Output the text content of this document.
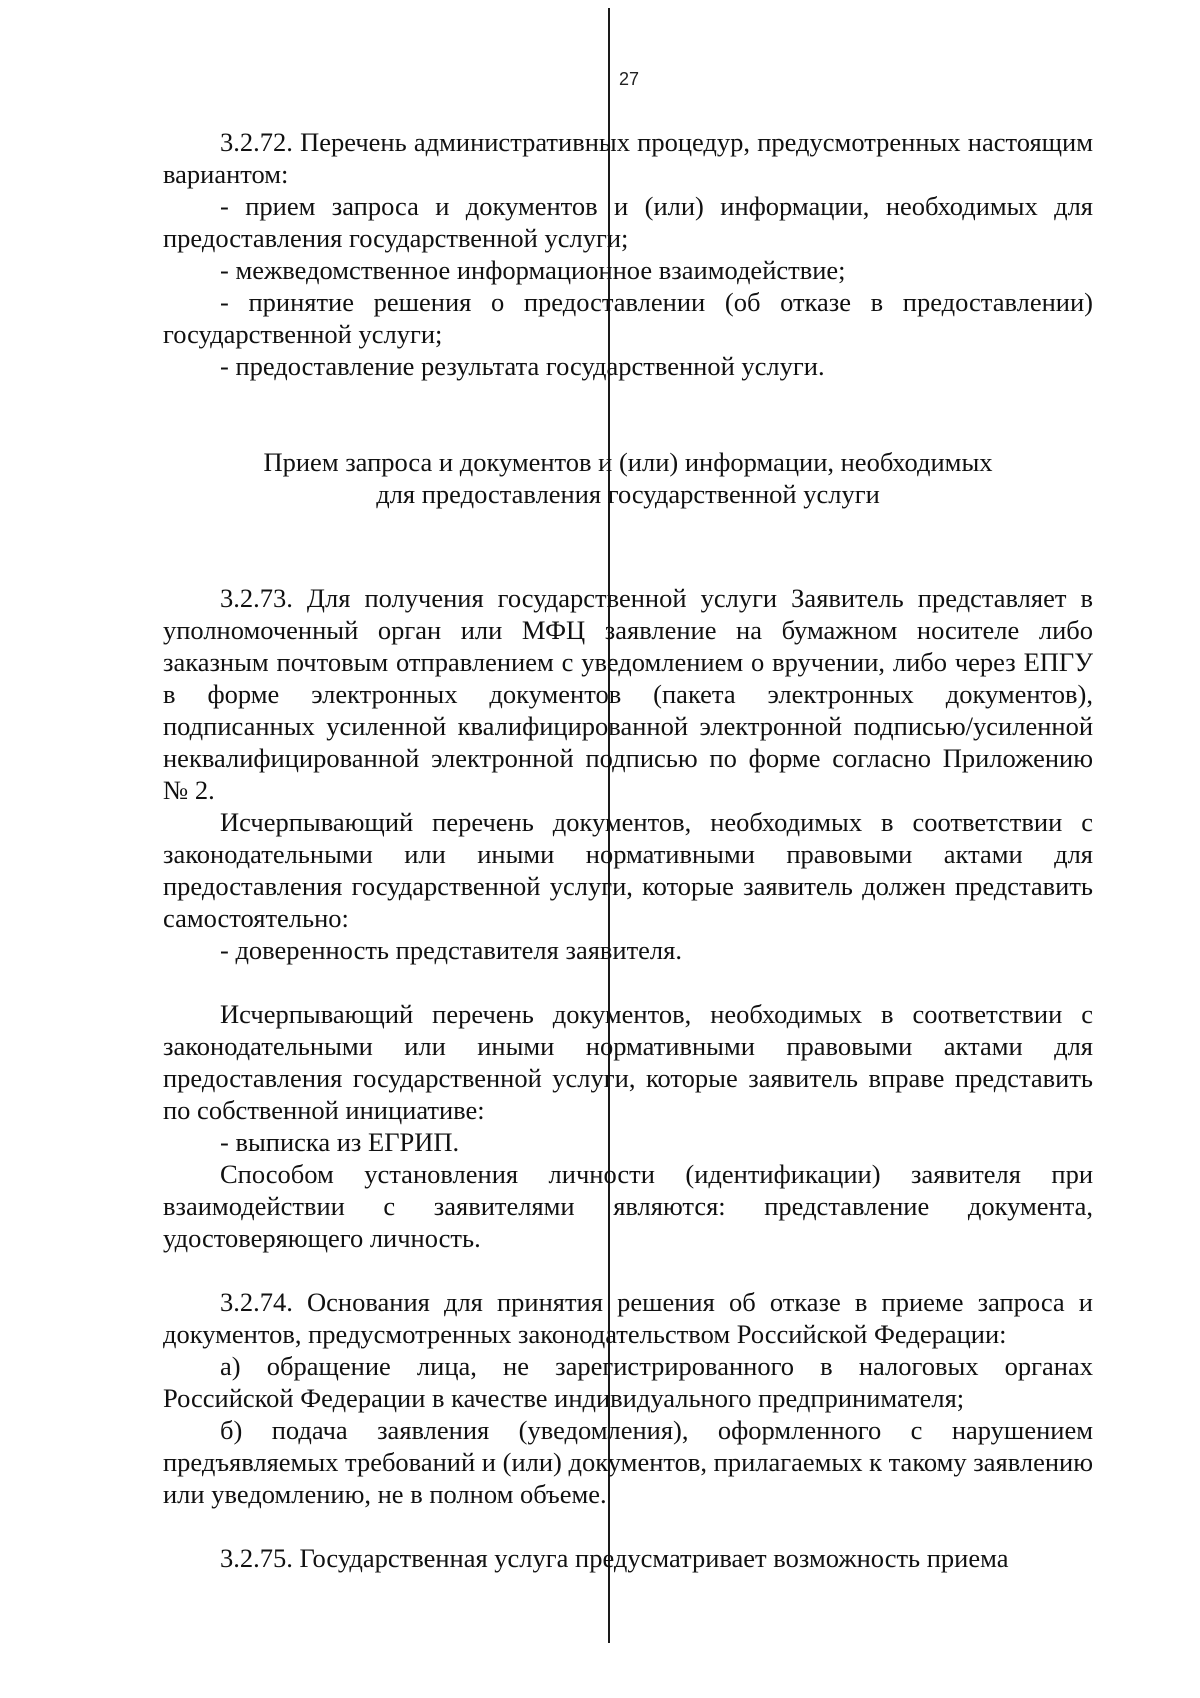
27

3.2.72. Перечень административных процедур, предусмотренных настоящим вариантом:

- прием запроса и документов и (или) информации, необходимых для предоставления государственной услуги;

- межведомственное информационное взаимодействие;

- принятие решения о предоставлении (об отказе в предоставлении) государственной услуги;

- предоставление результата государственной услуги.

Прием запроса и документов и (или) информации, необходимых
для предоставления государственной услуги

3.2.73. Для получения государственной услуги Заявитель представляет в уполномоченный орган или МФЦ заявление на бумажном носителе либо заказным почтовым отправлением с уведомлением о вручении, либо через ЕПГУ в форме электронных документов (пакета электронных документов), подписанных усиленной квалифицированной электронной подписью/усиленной неквалифицированной электронной подписью по форме согласно Приложению № 2.

Исчерпывающий перечень документов, необходимых в соответствии с законодательными или иными нормативными правовыми актами для предоставления государственной услуги, которые заявитель должен представить самостоятельно:

- доверенность представителя заявителя.

Исчерпывающий перечень документов, необходимых в соответствии с законодательными или иными нормативными правовыми актами для предоставления государственной услуги, которые заявитель вправе представить по собственной инициативе:

- выписка из ЕГРИП.

Способом установления личности (идентификации) заявителя при взаимодействии с заявителями являются: представление документа, удостоверяющего личность.

3.2.74. Основания для принятия решения об отказе в приеме запроса и документов, предусмотренных законодательством Российской Федерации:

а) обращение лица, не зарегистрированного в налоговых органах Российской Федерации в качестве индивидуального предпринимателя;

б) подача заявления (уведомления), оформленного с нарушением предъявляемых требований и (или) документов, прилагаемых к такому заявлению или уведомлению, не в полном объеме.

3.2.75. Государственная услуга предусматривает возможность приема
